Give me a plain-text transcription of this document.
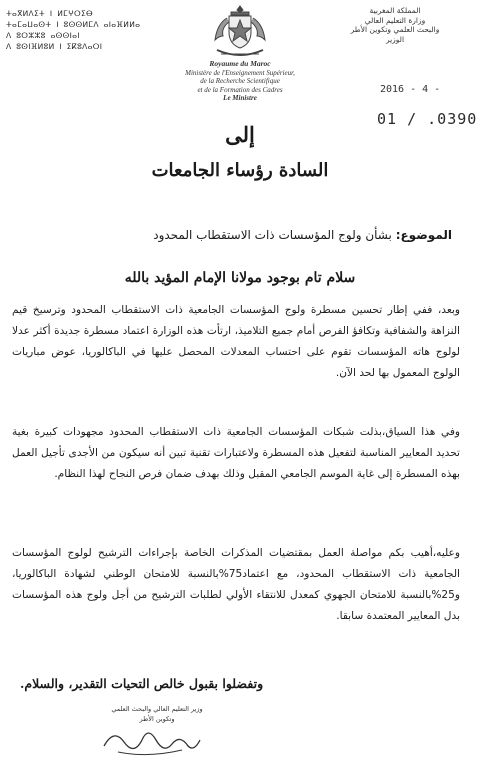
ⵜⴰⴳⵍⴷⵉⵜ ⵏ ⵍⵎⵖⵔⵉⴱ
ⵜⴰⵎⴰⵡⴰⵙⵜ ⵏ ⵓⵙⵙⵍⵎⴷ ⴰⵏⴰⴼⵍⵍⴰ
ⴷ ⵓⵔⵣⵣⵓ ⴰⵙⵙⵏⴰⵏ
ⴷ ⵓⵙⵏⴼⵍⵓⵍ ⵏ ⵉⴽⵓⴷⴰⵔⵏ
المملكة المغربية
وزارة التعليم العالي
والبحث العلمي وتكوين الأطر
الوزير
Royaume du Maroc
Ministère de l'Enseignement Supérieur,
de la Recherche Scientifique
et de la Formation des Cadres
Le Ministre
2016 - 4 -
01 / .0390
إلى
السادة رؤساء الجامعات
الموضوع: بشأن ولوج المؤسسات ذات الاستقطاب المحدود
سلام تام بوجود مولانا الإمام المؤيد بالله
وبعد، ففي إطار تحسين مسطرة ولوج المؤسسات الجامعية ذات الاستقطاب المحدود وترسيخ قيم النزاهة والشفافية وتكافؤ الفرص أمام جميع التلاميذ، ارتأت هذه الوزارة اعتماد مسطرة جديدة أكثر عدلا لولوج هاته المؤسسات تقوم على احتساب المعدلات المحصل عليها في الباكالوريا، عوض مباريات الولوج المعمول بها لحد الآن.
وفي هذا السياق،بذلت شبكات المؤسسات الجامعية ذات الاستقطاب المحدود مجهودات كبيرة بغية تحديد المعايير المناسبة لتفعيل هذه المسطرة ولاعتبارات تقنية تبين أنه سيكون من الأجدى تأجيل العمل بهذه المسطرة إلى غاية الموسم الجامعي المقبل وذلك بهدف ضمان فرص النجاح لهذا النظام.
وعليه،أهيب بكم مواصلة العمل بمقتضيات المذكرات الخاصة بإجراءات الترشيح لولوج المؤسسات الجامعية ذات الاستقطاب المحدود، مع اعتماد75%بالنسبة للامتحان الوطني لشهادة الباكالوريا، و25%بالنسبة للامتحان الجهوي كمعدل للانتقاء الأولي لطلبات الترشيح من أجل ولوج هذه المؤسسات بدل المعايير المعتمدة سابقا.
وتفضلوا بقبول خالص التحيات التقدير، والسلام.
وزير التعليم العالي والبحث العلمي
وتكوين الأطر
